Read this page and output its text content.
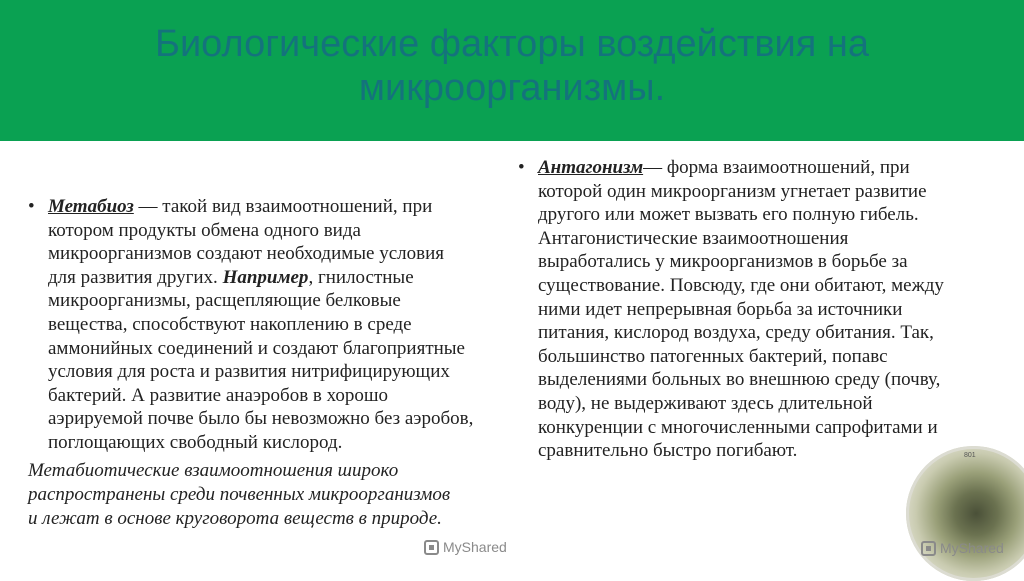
Биологические факторы воздействия на
микроорганизмы.
• Метабиоз — такой вид взаимоотношений, при
котором продукты обмена одного вида
микроорганизмов создают необходимые условия
для развития других. Например, гнилостные
микроорганизмы, расщепляющие белковые
вещества, способствуют накоплению в среде
аммонийных соединений и создают благоприятные
условия для роста и развития нитрифицирующих
бактерий. А развитие анаэробов в хорошо
аэрируемой почве было бы невозможно без аэробов,
поглощающих свободный кислород.
Метабиотические взаимоотношения широко
распространены среди почвенных микроорганизмов
и лежат в основе круговорота веществ в природе.
• Антагонизм— форма взаимоотношений, при
которой один микроорганизм угнетает развитие
другого или может вызвать его полную гибель.
Антагонистические взаимоотношения
выработались у микроорганизмов в борьбе за
существование. Повсюду, где они обитают, между
ними идет непрерывная борьба за источники
питания, кислород воздуха, среду обитания. Так,
большинство патогенных бактерий, попавс
выделениями больных во внешнюю среду (почву,
воду), не выдерживают здесь длительной
конкуренции с многочисленными сапрофитами и
сравнительно быстро погибают.	801
MyShared	MyShared
